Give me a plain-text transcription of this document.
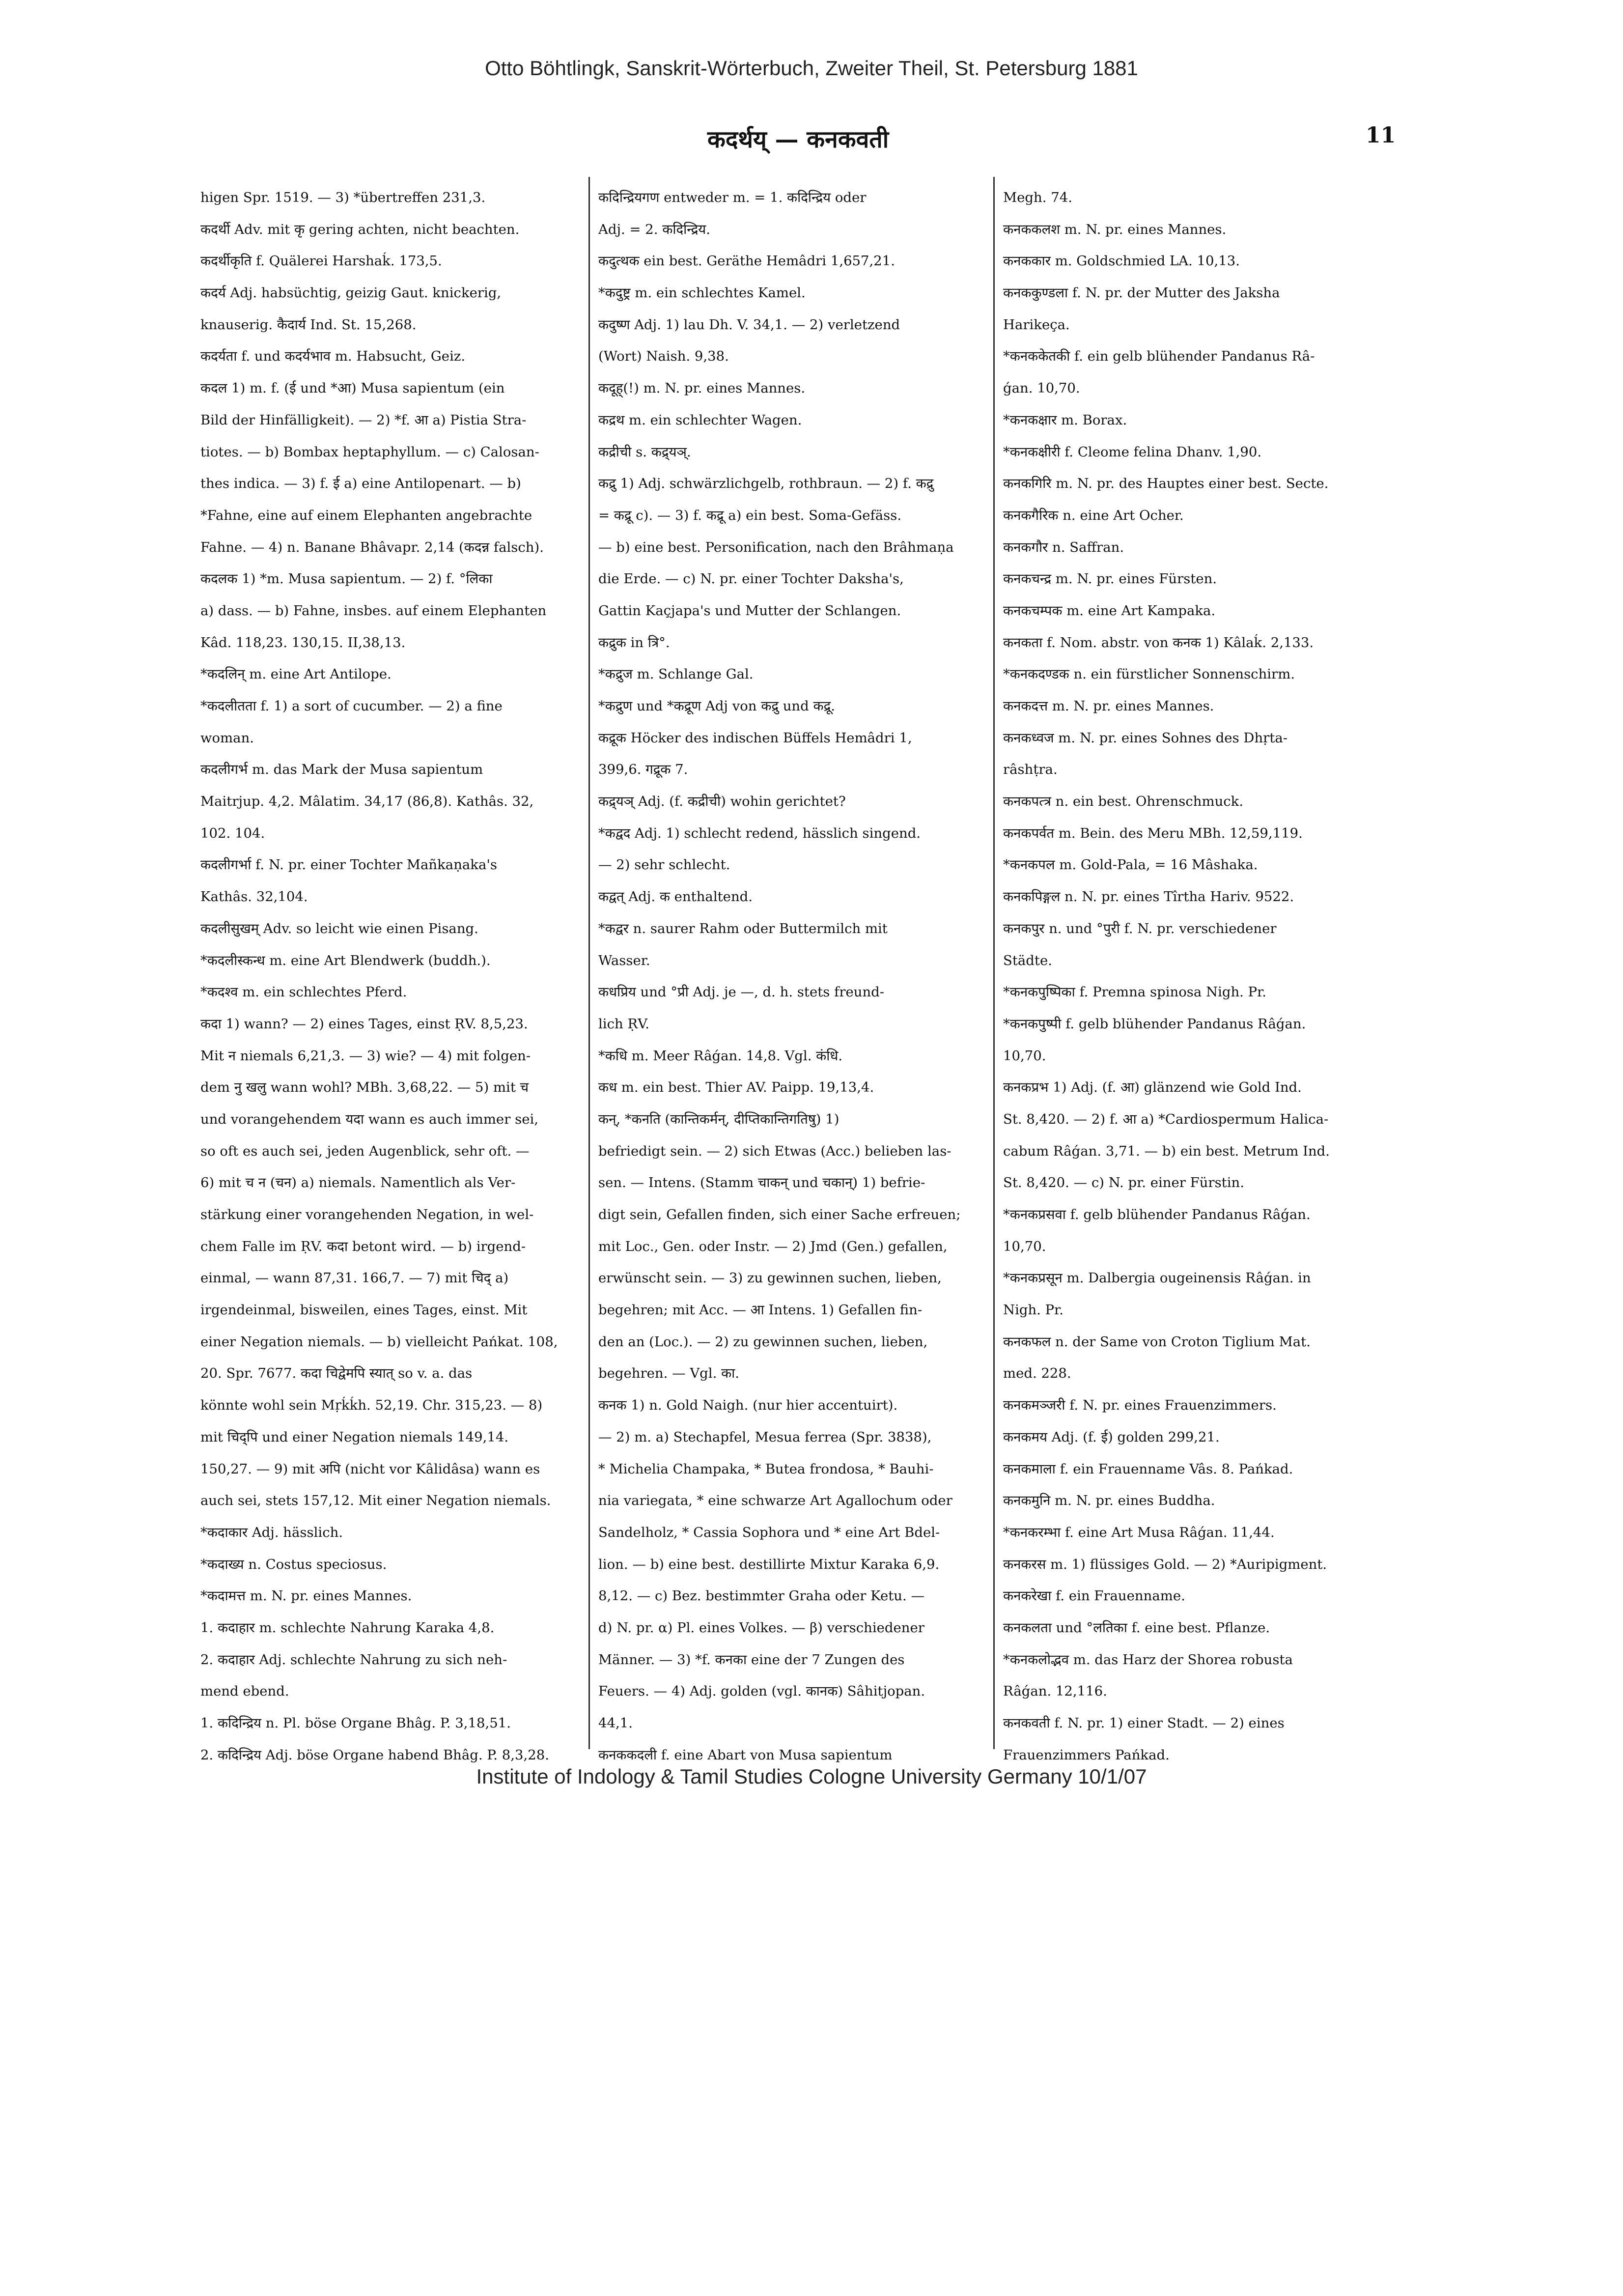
Otto Böhtlingk, Sanskrit-Wörterbuch, Zweiter Theil, St. Petersburg 1881
कदर्थय् — कनकवती	11
higen Spr. 1519. — 3) *übertreffen 231,3.
कदर्थी Adv. mit कृ gering achten, nicht beachten.
कदर्थीकृति f. Quälerei Harshaḱ. 173,5.
कदर्य Adj. habsüchtig, geizig Gaut. knickerig,
knauserig. कैदार्य Ind. St. 15,268.
कदर्यता f. und कदर्यभाव m. Habsucht, Geiz.
कदल 1) m. f. (ई und *आ) Musa sapientum (ein
Bild der Hinfälligkeit). — 2) *f. आ a) Pistia Stra-
tiotes. — b) Bombax heptaphyllum. — c) Calosan-
thes indica. — 3) f. ई a) eine Antilopenart. — b)
*Fahne, eine auf einem Elephanten angebrachte
Fahne. — 4) n. Banane Bhâvapr. 2,14 (कदन्न falsch).
कदलक 1) *m. Musa sapientum. — 2) f. °लिका
a) dass. — b) Fahne, insbes. auf einem Elephanten
Kâd. 118,23. 130,15. II,38,13.
*कदलिन् m. eine Art Antilope.
*कदलीतता f. 1) a sort of cucumber. — 2) a fine
woman.
कदलीगर्भ m. das Mark der Musa sapientum
Maitrjup. 4,2. Mâlatim. 34,17 (86,8). Kathâs. 32,
102. 104.
कदलीगर्भा f. N. pr. einer Tochter Mañkaṇaka's
Kathâs. 32,104.
कदलीसुखम् Adv. so leicht wie einen Pisang.
*कदलीस्कन्ध m. eine Art Blendwerk (buddh.).
*कदश्व m. ein schlechtes Pferd.
कदा 1) wann? — 2) eines Tages, einst ṚV. 8,5,23.
Mit न niemals 6,21,3. — 3) wie? — 4) mit folgen-
dem नु खलु wann wohl? MBh. 3,68,22. — 5) mit च
und vorangehendem यदा wann es auch immer sei,
so oft es auch sei, jeden Augenblick, sehr oft. —
6) mit च न (चन) a) niemals. Namentlich als Ver-
stärkung einer vorangehenden Negation, in wel-
chem Falle im ṚV. कदा betont wird. — b) irgend-
einmal, — wann 87,31. 166,7. — 7) mit चिद् a)
irgendeinmal, bisweilen, eines Tages, einst. Mit
einer Negation niemals. — b) vielleicht Pańkat. 108,
20. Spr. 7677. कदा चिद्वेमपि स्यात् so v. a. das
könnte wohl sein Mṛḱḱh. 52,19. Chr. 315,23. — 8)
mit चिद्पि und einer Negation niemals 149,14.
150,27. — 9) mit अपि (nicht vor Kâlidâsa) wann es
auch sei, stets 157,12. Mit einer Negation niemals.
*कदाकार Adj. hässlich.
*कदाख्य n. Costus speciosus.
*कदामत्त m. N. pr. eines Mannes.
1. कदाहार m. schlechte Nahrung Karaka 4,8.
2. कदाहार Adj. schlechte Nahrung zu sich neh-
mend ebend.
1. कदिन्द्रिय n. Pl. böse Organe Bhâg. P. 3,18,51.
2. कदिन्द्रिय Adj. böse Organe habend Bhâg. P. 8,3,28.
कदिन्द्रियगण entweder m. = 1. कदिन्द्रिय oder
Adj. = 2. कदिन्द्रिय.
कदुत्थक ein best. Geräthe Hemâdri 1,657,21.
*कदुष्ट्र m. ein schlechtes Kamel.
कदुष्ण Adj. 1) lau Dh. V. 34,1. — 2) verletzend
(Wort) Naish. 9,38.
कदूह्(!) m. N. pr. eines Mannes.
कद्रथ m. ein schlechter Wagen.
कद्रीची s. कद्र्यञ्.
कद्रु 1) Adj. schwärzlichgelb, rothbraun. — 2) f. कद्रु
= कद्रू c). — 3) f. कद्रू a) ein best. Soma-Gefäss.
— b) eine best. Personification, nach den Brâhmaṇa
die Erde. — c) N. pr. einer Tochter Daksha's,
Gattin Kaçjapa's und Mutter der Schlangen.
कद्रुक in त्रि°.
*कद्रुज m. Schlange Gal.
*कद्रुण und *कद्रूण Adj von कद्रु und कद्रू.
कद्रूक Höcker des indischen Büffels Hemâdri 1,
399,6. गद्रूक 7.
कद्र्यञ् Adj. (f. कद्रीची) wohin gerichtet?
*कद्वद Adj. 1) schlecht redend, hässlich singend.
— 2) sehr schlecht.
कद्वत् Adj. क enthaltend.
*कद्वर n. saurer Rahm oder Buttermilch mit
Wasser.
कधप्रिय und °प्री Adj. je —, d. h. stets freund-
lich ṚV.
*कधि m. Meer Râǵan. 14,8. Vgl. कंधि.
कध m. ein best. Thier AV. Paipp. 19,13,4.
कन्, *कनति (कान्तिकर्मन्, दीप्तिकान्तिगतिषु) 1)
befriedigt sein. — 2) sich Etwas (Acc.) belieben las-
sen. — Intens. (Stamm चाकन् und चकान्) 1) befrie-
digt sein, Gefallen finden, sich einer Sache erfreuen;
mit Loc., Gen. oder Instr. — 2) Jmd (Gen.) gefallen,
erwünscht sein. — 3) zu gewinnen suchen, lieben,
begehren; mit Acc. — आ Intens. 1) Gefallen fin-
den an (Loc.). — 2) zu gewinnen suchen, lieben,
begehren. — Vgl. का.
कनक 1) n. Gold Naigh. (nur hier accentuirt).
— 2) m. a) Stechapfel, Mesua ferrea (Spr. 3838),
* Michelia Champaka, * Butea frondosa, * Bauhi-
nia variegata, * eine schwarze Art Agallochum oder
Sandelholz, * Cassia Sophora und * eine Art Bdel-
lion. — b) eine best. destillirte Mixtur Karaka 6,9.
8,12. — c) Bez. bestimmter Graha oder Ketu. —
d) N. pr. α) Pl. eines Volkes. — β) verschiedener
Männer. — 3) *f. कनका eine der 7 Zungen des
Feuers. — 4) Adj. golden (vgl. कानक) Sâhitjopan.
44,1.
कनककदली f. eine Abart von Musa sapientum
Megh. 74.
कनककलश m. N. pr. eines Mannes.
कनककार m. Goldschmied LA. 10,13.
कनककुण्डला f. N. pr. der Mutter des Jaksha
Harikeça.
*कनककेतकी f. ein gelb blühender Pandanus Râ-
ǵan. 10,70.
*कनकक्षार m. Borax.
*कनकक्षीरी f. Cleome felina Dhanv. 1,90.
कनकगिरि m. N. pr. des Hauptes einer best. Secte.
कनकगैरिक n. eine Art Ocher.
कनकगौर n. Saffran.
कनकचन्द्र m. N. pr. eines Fürsten.
कनकचम्पक m. eine Art Kampaka.
कनकता f. Nom. abstr. von कनक 1) Kâlaḱ. 2,133.
*कनकदण्डक n. ein fürstlicher Sonnenschirm.
कनकदत्त m. N. pr. eines Mannes.
कनकध्वज m. N. pr. eines Sohnes des Dhṛta-
râshṭra.
कनकपत्त्र n. ein best. Ohrenschmuck.
कनकपर्वत m. Bein. des Meru MBh. 12,59,119.
*कनकपल m. Gold-Pala, = 16 Mâshaka.
कनकपिङ्गल n. N. pr. eines Tîrtha Hariv. 9522.
कनकपुर n. und °पुरी f. N. pr. verschiedener
Städte.
*कनकपुष्पिका f. Premna spinosa Nigh. Pr.
*कनकपुष्पी f. gelb blühender Pandanus Râǵan.
10,70.
कनकप्रभ 1) Adj. (f. आ) glänzend wie Gold Ind.
St. 8,420. — 2) f. आ a) *Cardiospermum Halica-
cabum Râǵan. 3,71. — b) ein best. Metrum Ind.
St. 8,420. — c) N. pr. einer Fürstin.
*कनकप्रसवा f. gelb blühender Pandanus Râǵan.
10,70.
*कनकप्रसून m. Dalbergia ougeinensis Râǵan. in
Nigh. Pr.
कनकफल n. der Same von Croton Tiglium Mat.
med. 228.
कनकमञ्जरी f. N. pr. eines Frauenzimmers.
कनकमय Adj. (f. ई) golden 299,21.
कनकमाला f. ein Frauenname Vâs. 8. Pańkad.
कनकमुनि m. N. pr. eines Buddha.
*कनकरम्भा f. eine Art Musa Râǵan. 11,44.
कनकरस m. 1) flüssiges Gold. — 2) *Auripigment.
कनकरेखा f. ein Frauenname.
कनकलता und °लतिका f. eine best. Pflanze.
*कनकलोद्भव m. das Harz der Shorea robusta
Râǵan. 12,116.
कनकवती f. N. pr. 1) einer Stadt. — 2) eines
Frauenzimmers Pańkad.
Institute of Indology & Tamil Studies Cologne University Germany 10/1/07
